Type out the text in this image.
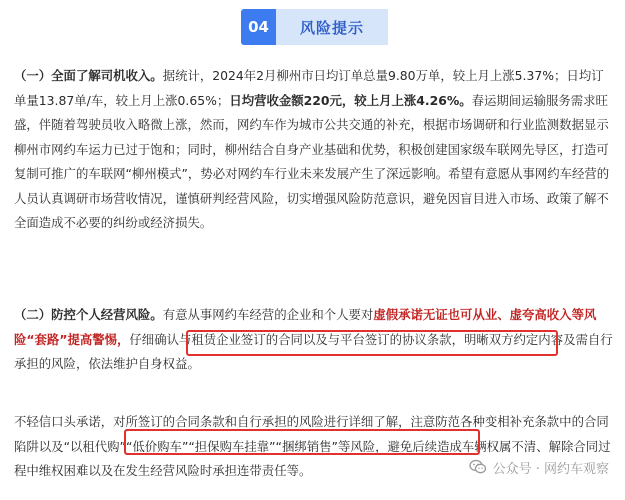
04	风险提示
（一）全面了解司机收入。据统计，2024年2月柳州市日均订单总量9.80万单，较上月上涨5.37%；日均订单量13.87单/车，较上月上涨0.65%；日均营收金额220元，较上月上涨4.26%。春运期间运输服务需求旺盛，伴随着驾驶员收入略微上涨，然而，网约车作为城市公共交通的补充，根据市场调研和行业监测数据显示柳州市网约车运力已过于饱和；同时，柳州结合自身产业基础和优势，积极创建国家级车联网先导区，打造可复制可推广的车联网“柳州模式”，势必对网约车行业未来发展产生了深远影响。希望有意愿从事网约车经营的人员认真调研市场营收情况，谨慎研判经营风险，切实增强风险防范意识，避免因盲目进入市场、政策了解不全面造成不必要的纠纷或经济损失。
（二）防控个人经营风险。有意从事网约车经营的企业和个人要对虚假承诺无证也可从业、虚夸高收入等风险“套路”提高警惕，仔细确认与租赁企业签订的合同以及与平台签订的协议条款，明晰双方约定内容及需自行承担的风险，依法维护自身权益。
不轻信口头承诺，对所签订的合同条款和自行承担的风险进行详细了解，注意防范各种变相补充条款中的合同陷阱以及“以租代购”“低价购车”“担保购车挂靠”“捆绑销售”等风险，避免后续造成车辆权属不清、解除合同过程中维权困难以及在发生经营风险时承担连带责任等。	公众号 · 网约车观察
